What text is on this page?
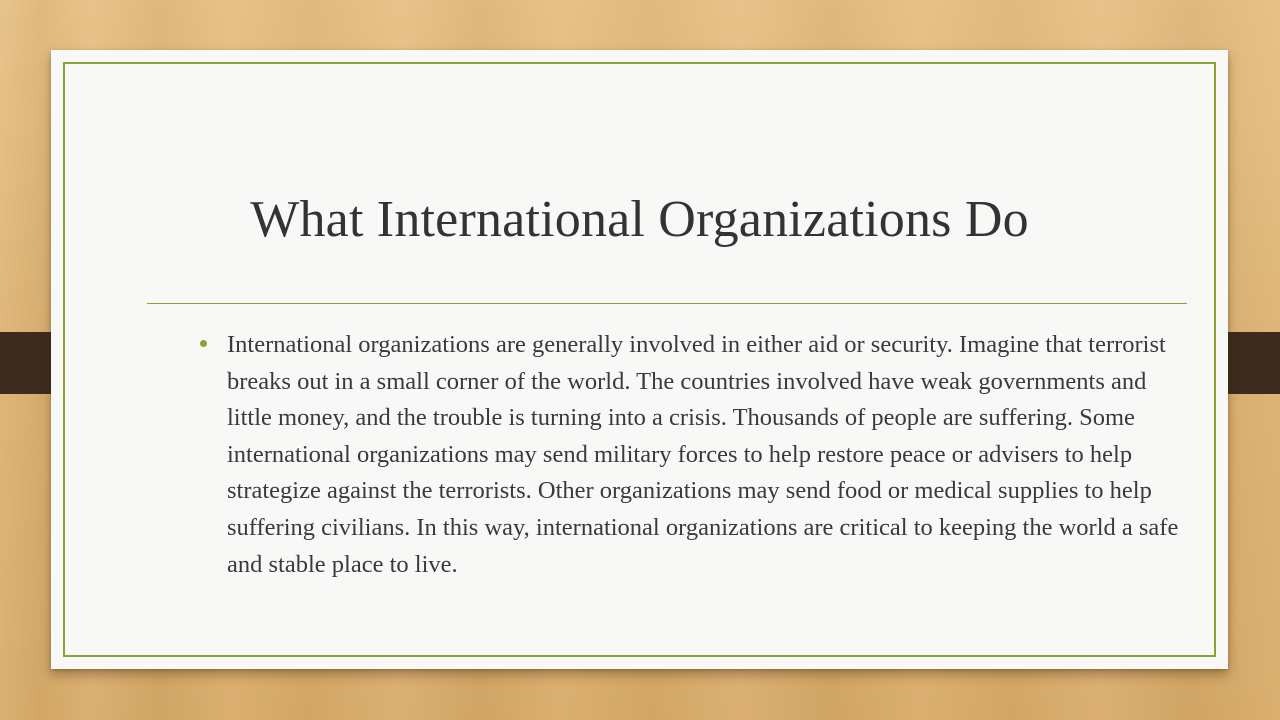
What International Organizations Do
International organizations are generally involved in either aid or security. Imagine that terrorist breaks out in a small corner of the world. The countries involved have weak governments and little money, and the trouble is turning into a crisis. Thousands of people are suffering. Some international organizations may send military forces to help restore peace or advisers to help strategize against the terrorists. Other organizations may send food or medical supplies to help suffering civilians. In this way, international organizations are critical to keeping the world a safe and stable place to live.
